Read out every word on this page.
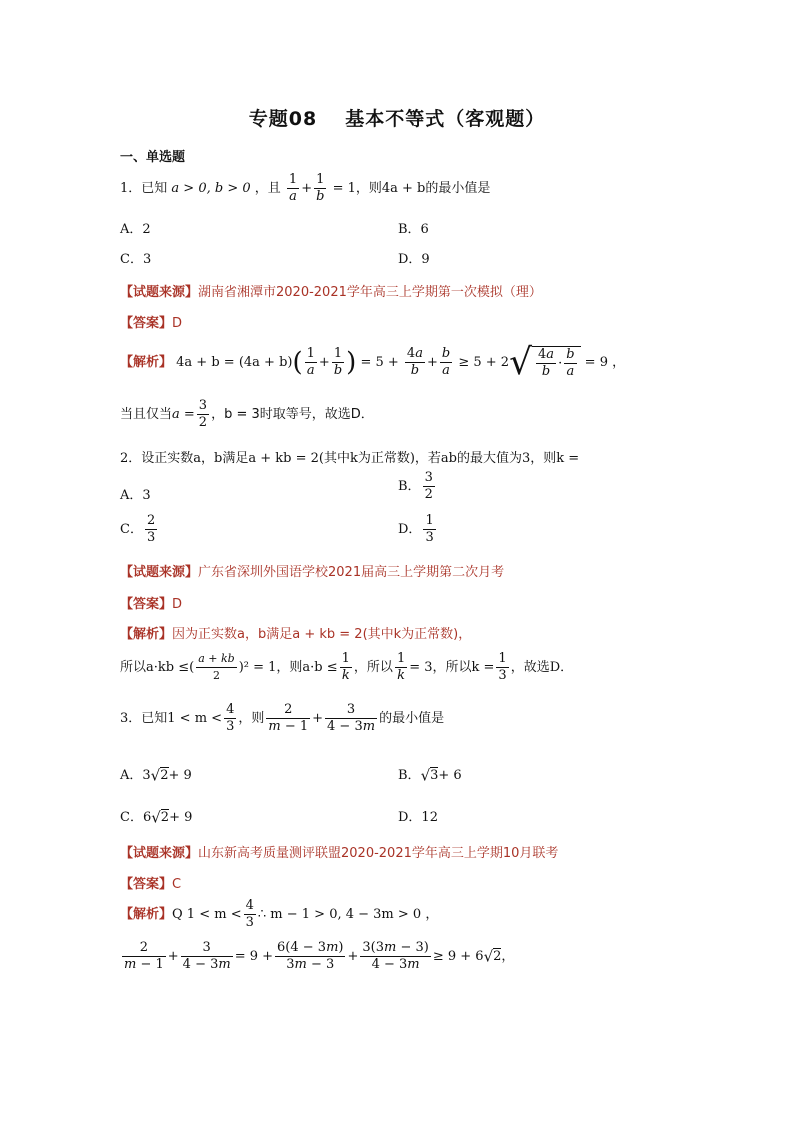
专题08 基本不等式（客观题）
一、单选题
1．已知 a > 0, b > 0 ，且 $\frac{1}{a} + \frac{1}{b} = 1$，则4a + b的最小值是
A．2	B．6
C．3	D．9
【试题来源】湖南省湘潭市2020-2021学年高三上学期第一次模拟（理）
【答案】D
【解析】 $4a + b = (4a + b)( \frac{1}{a} + \frac{1}{b}$ ) = $5 + \frac{4a}{b} + \frac{b}{a} \ge 5 + 2√ \frac{4a}{b} \cdot \frac{b}{a} = 9$ ，
当且仅当$a = \frac{3}{2}$ ，b = 3时取等号，故选D．
2．设正实数a，b满足a + kb = 2(其中k为正常数)，若ab的最大值为3，则k =
A．3
B． $\frac{3}{2}$
C． $\frac{2}{3}$	D． $\frac{1}{3}$
【试题来源】广东省深圳外国语学校2021届高三上学期第二次月考
【答案】D
【解析】因为正实数a，b满足a + kb = 2(其中k为正常数)，
所以a·kb ≤( $\frac{a + kb}{2} )^2 = 1$，则$a\cdot b \le \frac{1}{k}$ ，所以 $\frac{1}{k} = 3$，所以$k = \frac{1}{3}$ ，故选D．
3．已知$1 < m < \frac{4}{3}$ ，则 $\frac{2}{m - 1} + \frac{3}{4 - 3m}$ 的最小值是
A．3√2+ 9	B．√3+ 6
C．6√2+ 9	D．12
【试题来源】山东新高考质量测评联盟2020-2021学年高三上学期10月联考
【答案】C
【解析】Q $1 < m < \frac{4}{3}$ ∴ m − 1 > 0, 4 − 3m > 0 ，
$\frac{2}{m - 1} + \frac{3}{4 - 3m} = 9 + \frac{6(4 - 3m)}{3m - 3} + \frac{3(3m - 3)}{4 - 3m} \ge 9 + 6√2$，
